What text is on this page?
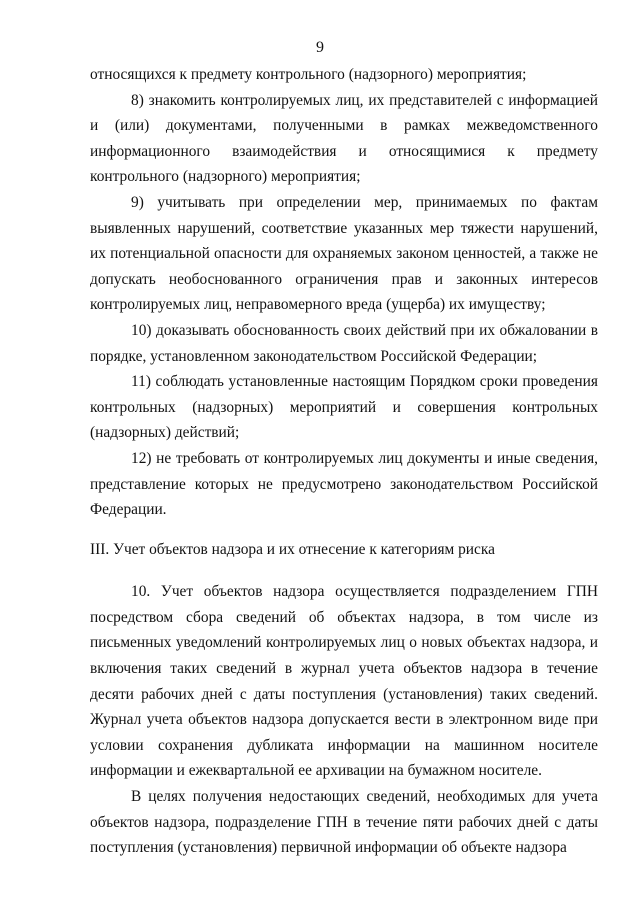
9

относящихся к предмету контрольного (надзорного) мероприятия;

8) знакомить контролируемых лиц, их представителей с информацией и (или) документами, полученными в рамках межведомственного информационного взаимодействия и относящимися к предмету контрольного (надзорного) мероприятия;

9) учитывать при определении мер, принимаемых по фактам выявленных нарушений, соответствие указанных мер тяжести нарушений, их потенциальной опасности для охраняемых законом ценностей, а также не допускать необоснованного ограничения прав и законных интересов контролируемых лиц, неправомерного вреда (ущерба) их имуществу;

10) доказывать обоснованность своих действий при их обжаловании в порядке, установленном законодательством Российской Федерации;

11) соблюдать установленные настоящим Порядком сроки проведения контрольных (надзорных) мероприятий и совершения контрольных (надзорных) действий;

12) не требовать от контролируемых лиц документы и иные сведения, представление которых не предусмотрено законодательством Российской Федерации.

III. Учет объектов надзора и их отнесение к категориям риска

10. Учет объектов надзора осуществляется подразделением ГПН посредством сбора сведений об объектах надзора, в том числе из письменных уведомлений контролируемых лиц о новых объектах надзора, и включения таких сведений в журнал учета объектов надзора в течение десяти рабочих дней с даты поступления (установления) таких сведений. Журнал учета объектов надзора допускается вести в электронном виде при условии сохранения дубликата информации на машинном носителе информации и ежеквартальной ее архивации на бумажном носителе.

В целях получения недостающих сведений, необходимых для учета объектов надзора, подразделение ГПН в течение пяти рабочих дней с даты поступления (установления) первичной информации об объекте надзора
